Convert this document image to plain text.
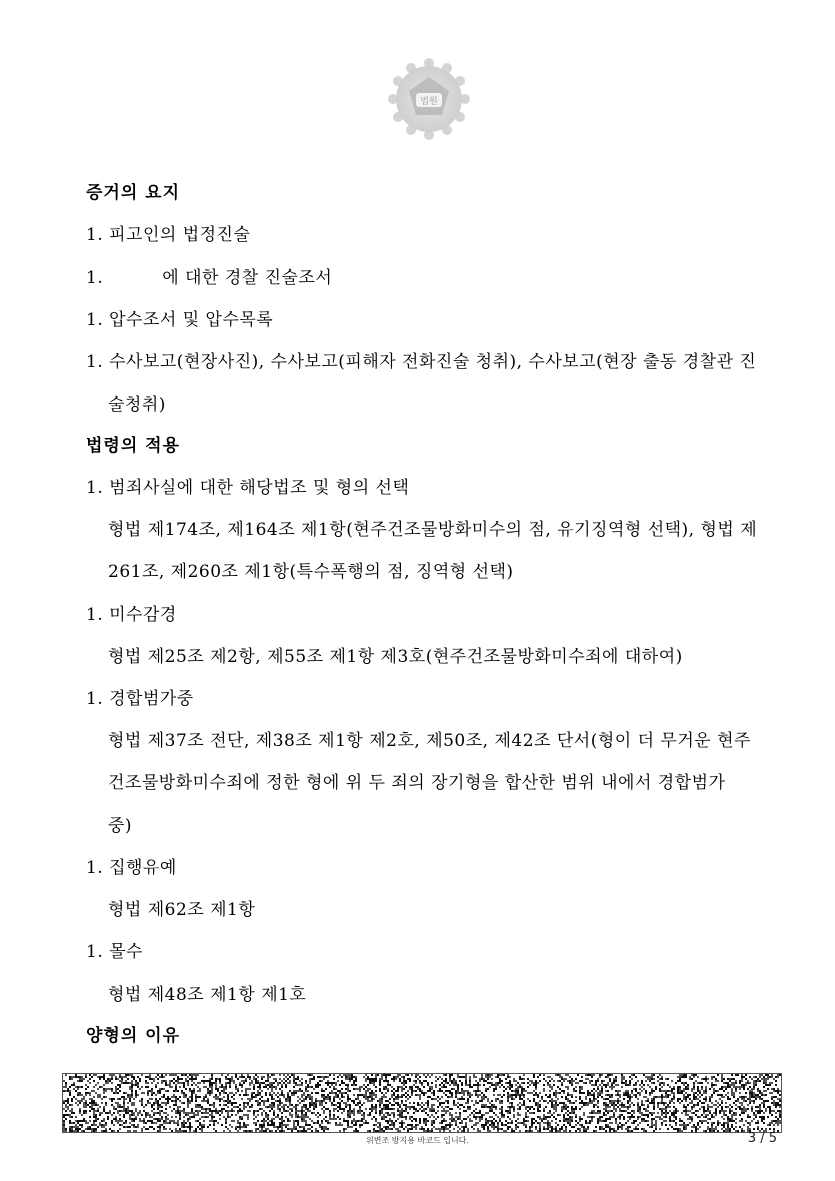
법원
증거의 요지
1. 피고인의 법정진술
1.          에 대한 경찰 진술조서
1. 압수조서 및 압수목록
1. 수사보고(현장사진), 수사보고(피해자 전화진술 청취), 수사보고(현장 출동 경찰관 진
술청취)
법령의 적용
1. 범죄사실에 대한 해당법조 및 형의 선택
형법 제174조, 제164조 제1항(현주건조물방화미수의 점, 유기징역형 선택), 형법 제
261조, 제260조 제1항(특수폭행의 점, 징역형 선택)
1. 미수감경
형법 제25조 제2항, 제55조 제1항 제3호(현주건조물방화미수죄에 대하여)
1. 경합범가중
형법 제37조 전단, 제38조 제1항 제2호, 제50조, 제42조 단서(형이 더 무거운 현주
건조물방화미수죄에 정한 형에 위 두 죄의 장기형을 합산한 범위 내에서 경합범가
중)
1. 집행유예
형법 제62조 제1항
1. 몰수
형법 제48조 제1항 제1호
양형의 이유
위변조 방지용 바코드 입니다.	3 / 5
